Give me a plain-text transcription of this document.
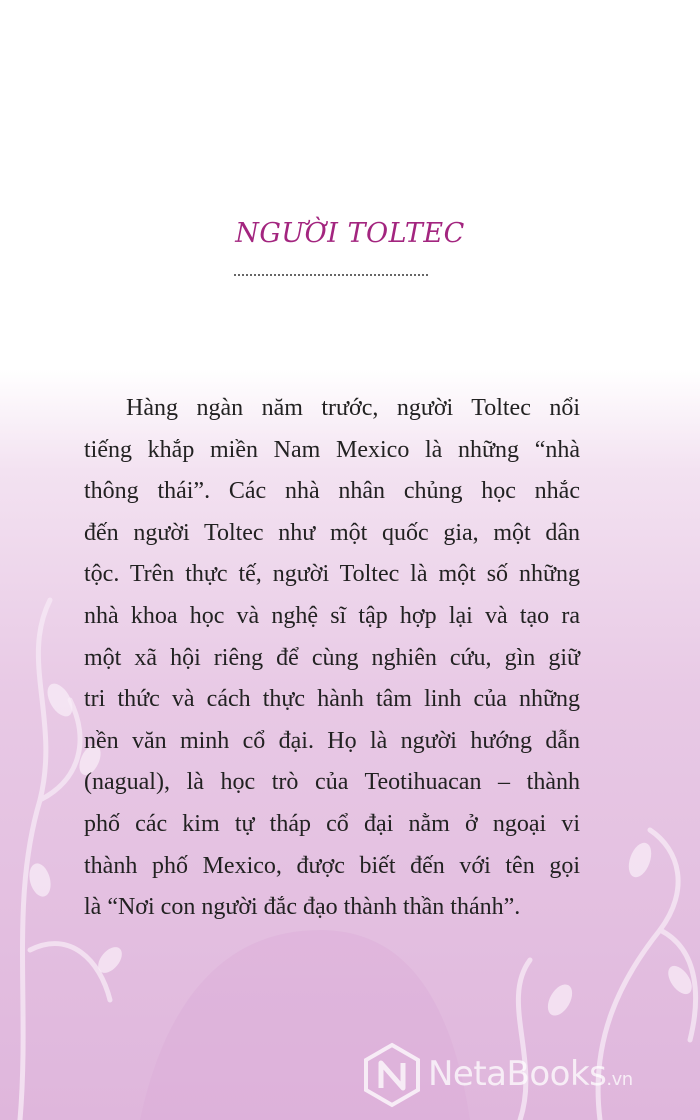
NGƯỜI TOLTEC
Hàng ngàn năm trước, người Toltec nổi
tiếng khắp miền Nam Mexico là những “nhà
thông thái”. Các nhà nhân chủng học nhắc
đến người Toltec như một quốc gia, một dân
tộc. Trên thực tế, người Toltec là một số những
nhà khoa học và nghệ sĩ tập hợp lại và tạo ra
một xã hội riêng để cùng nghiên cứu, gìn giữ
tri thức và cách thực hành tâm linh của những
nền văn minh cổ đại. Họ là người hướng dẫn
(nagual), là học trò của Teotihuacan – thành
phố các kim tự tháp cổ đại nằm ở ngoại vi
thành phố Mexico, được biết đến với tên gọi
là “Nơi con người đắc đạo thành thần thánh”.
NetaBooks.vn
